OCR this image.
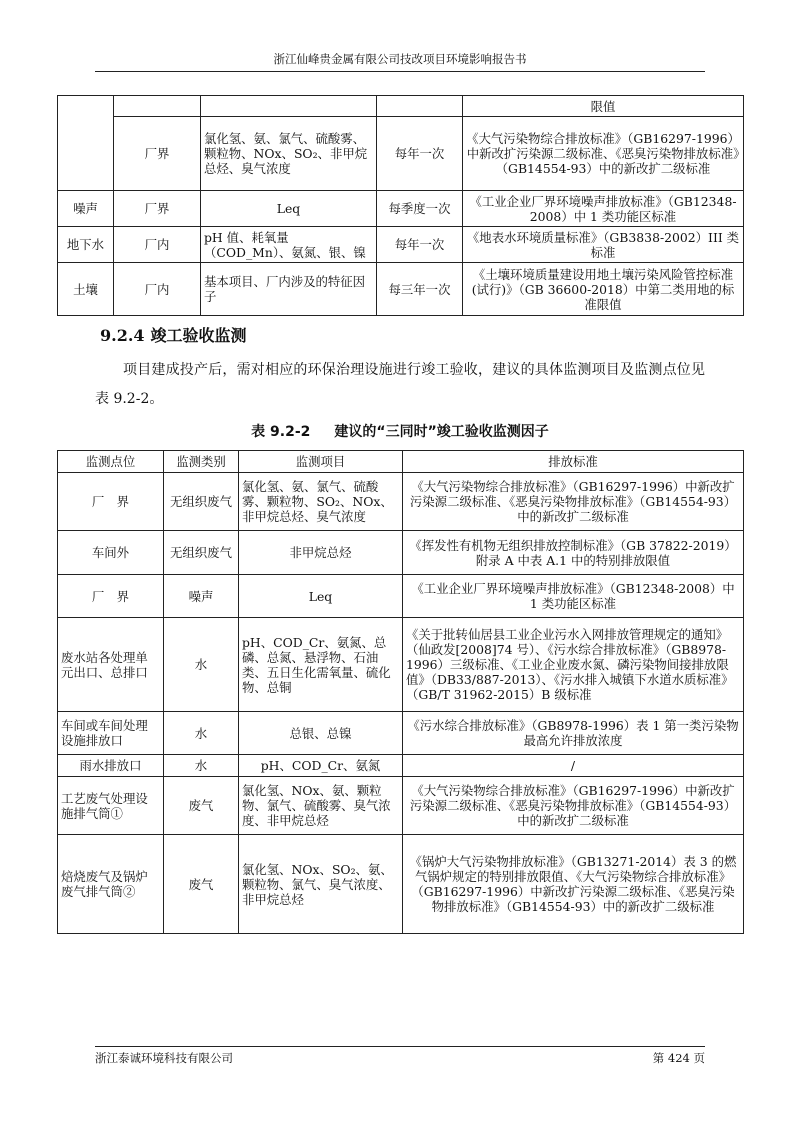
浙江仙峰贵金属有限公司技改项目环境影响报告书
				限值
	厂界	氯化氢、氨、氯气、硫酸雾、颗粒物、NOx、SO₂、非甲烷总烃、臭气浓度	每年一次	《大气污染物综合排放标准》（GB16297-1996）中新改扩污染源二级标准、《恶臭污染物排放标准》（GB14554-93）中的新改扩二级标准
噪声	厂界	Leq	每季度一次	《工业企业厂界环境噪声排放标准》（GB12348-2008）中 1 类功能区标准
地下水	厂内	pH 值、耗氧量（COD_Mn）、氨氮、银、镍	每年一次	《地表水环境质量标准》（GB3838-2002）III 类标准
土壤	厂内	基本项目、厂内涉及的特征因子	每三年一次	《土壤环境质量建设用地土壤污染风险管控标准(试行)》（GB 36600-2018）中第二类用地的标准限值
9.2.4 竣工验收监测
项目建成投产后，需对相应的环保治理设施进行竣工验收，建议的具体监测项目及监测点位见表 9.2-2。
表 9.2-2 建议的“三同时”竣工验收监测因子
监测点位	监测类别	监测项目	排放标准
厂　界	无组织废气	氯化氢、氨、氯气、硫酸雾、颗粒物、SO₂、NOx、非甲烷总烃、臭气浓度	《大气污染物综合排放标准》（GB16297-1996）中新改扩污染源二级标准、《恶臭污染物排放标准》（GB14554-93）中的新改扩二级标准
车间外	无组织废气	非甲烷总烃	《挥发性有机物无组织排放控制标准》（GB 37822-2019）附录 A 中表 A.1 中的特别排放限值
厂　界	噪声	Leq	《工业企业厂界环境噪声排放标准》（GB12348-2008）中 1 类功能区标准
废水站各处理单元出口、总排口	水	pH、COD_Cr、氨氮、总磷、总氮、悬浮物、石油类、五日生化需氧量、硫化物、总铜	《关于批转仙居县工业企业污水入网排放管理规定的通知》（仙政发[2008]74 号）、《污水综合排放标准》（GB8978-1996）三级标准、《工业企业废水氮、磷污染物间接排放限值》（DB33/887-2013）、《污水排入城镇下水道水质标准》（GB/T 31962-2015）B 级标准
车间或车间处理设施排放口	水	总银、总镍	《污水综合排放标准》（GB8978-1996）表 1 第一类污染物最高允许排放浓度
雨水排放口	水	pH、COD_Cr、氨氮	/
工艺废气处理设施排气筒①	废气	氯化氢、NOx、氨、颗粒物、氯气、硫酸雾、臭气浓度、非甲烷总烃	《大气污染物综合排放标准》（GB16297-1996）中新改扩污染源二级标准、《恶臭污染物排放标准》（GB14554-93）中的新改扩二级标准
焙烧废气及锅炉废气排气筒②	废气	氯化氢、NOx、SO₂、氨、颗粒物、氯气、臭气浓度、非甲烷总烃	《锅炉大气污染物排放标准》（GB13271-2014）表 3 的燃气锅炉规定的特别排放限值、《大气污染物综合排放标准》（GB16297-1996）中新改扩污染源二级标准、《恶臭污染物排放标准》（GB14554-93）中的新改扩二级标准
浙江泰诚环境科技有限公司	第 424 页
